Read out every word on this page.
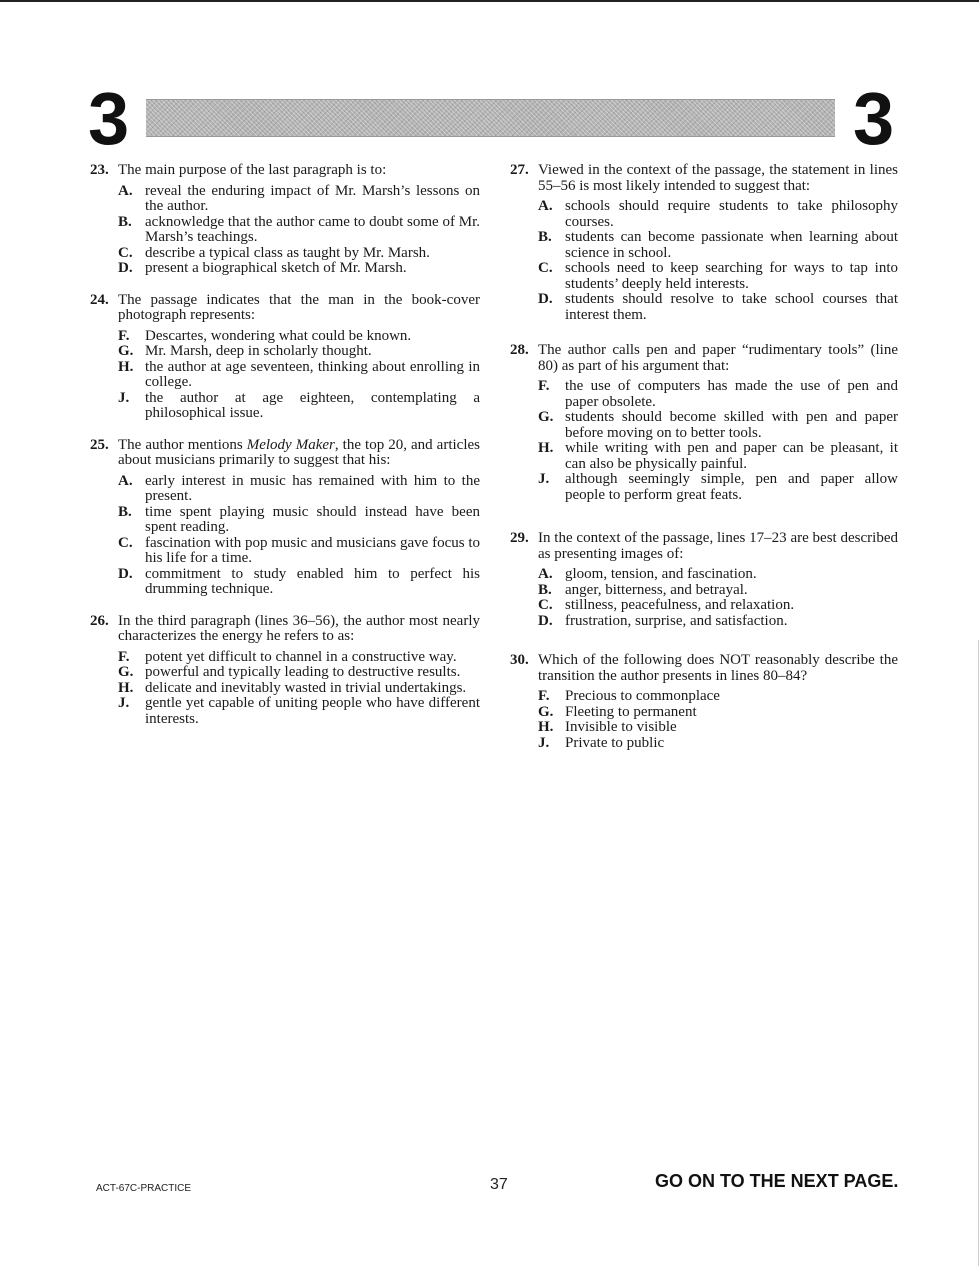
3	3
23. The main purpose of the last paragraph is to:
A. reveal the enduring impact of Mr. Marsh’s lessons on the author.
B. acknowledge that the author came to doubt some of Mr. Marsh’s teachings.
C. describe a typical class as taught by Mr. Marsh.
D. present a biographical sketch of Mr. Marsh.
24. The passage indicates that the man in the book-cover photograph represents:
F. Descartes, wondering what could be known.
G. Mr. Marsh, deep in scholarly thought.
H. the author at age seventeen, thinking about enrolling in college.
J. the author at age eighteen, contemplating a philosophical issue.
25. The author mentions Melody Maker, the top 20, and articles about musicians primarily to suggest that his:
A. early interest in music has remained with him to the present.
B. time spent playing music should instead have been spent reading.
C. fascination with pop music and musicians gave focus to his life for a time.
D. commitment to study enabled him to perfect his drumming technique.
26. In the third paragraph (lines 36–56), the author most nearly characterizes the energy he refers to as:
F. potent yet difficult to channel in a constructive way.
G. powerful and typically leading to destructive results.
H. delicate and inevitably wasted in trivial undertakings.
J. gentle yet capable of uniting people who have different interests.
27. Viewed in the context of the passage, the statement in lines 55–56 is most likely intended to suggest that:
A. schools should require students to take philosophy courses.
B. students can become passionate when learning about science in school.
C. schools need to keep searching for ways to tap into students’ deeply held interests.
D. students should resolve to take school courses that interest them.
28. The author calls pen and paper “rudimentary tools” (line 80) as part of his argument that:
F. the use of computers has made the use of pen and paper obsolete.
G. students should become skilled with pen and paper before moving on to better tools.
H. while writing with pen and paper can be pleasant, it can also be physically painful.
J. although seemingly simple, pen and paper allow people to perform great feats.
29. In the context of the passage, lines 17–23 are best described as presenting images of:
A. gloom, tension, and fascination.
B. anger, bitterness, and betrayal.
C. stillness, peacefulness, and relaxation.
D. frustration, surprise, and satisfaction.
30. Which of the following does NOT reasonably describe the transition the author presents in lines 80–84?
F. Precious to commonplace
G. Fleeting to permanent
H. Invisible to visible
J. Private to public
ACT-67C-PRACTICE	37	GO ON TO THE NEXT PAGE.
